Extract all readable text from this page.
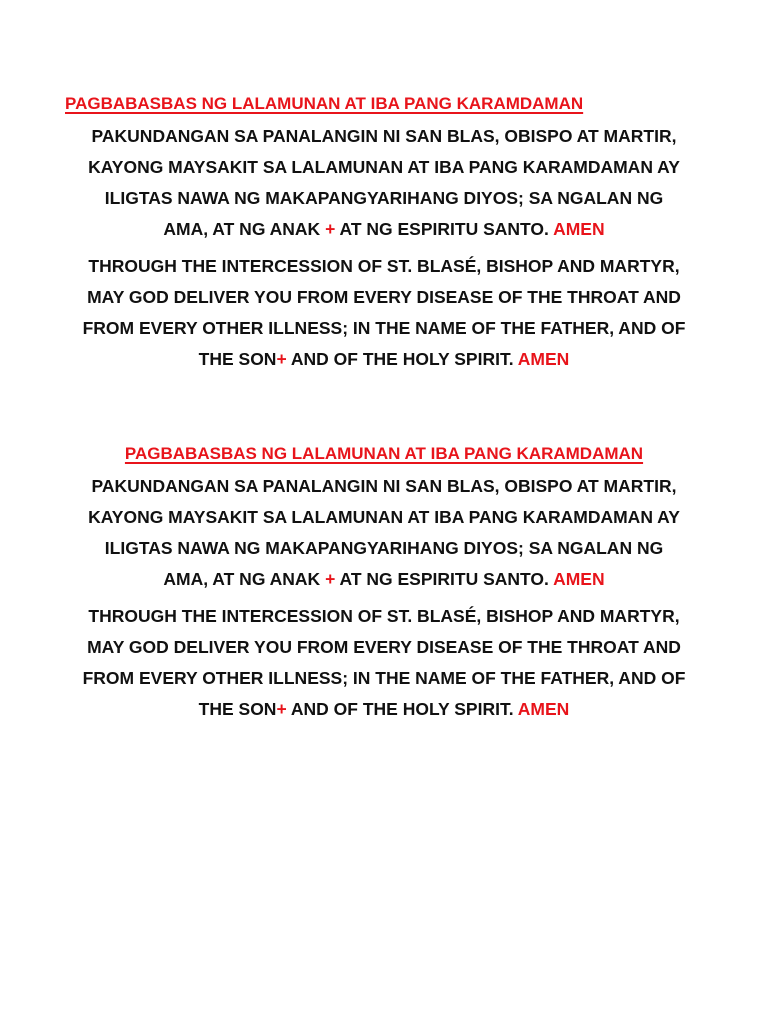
PAGBABASBAS NG LALAMUNAN AT IBA PANG KARAMDAMAN
PAKUNDANGAN SA PANALANGIN NI SAN BLAS, OBISPO AT MARTIR,
KAYONG MAYSAKIT SA LALAMUNAN AT IBA PANG KARAMDAMAN AY
ILIGTAS NAWA NG MAKAPANGYARIHANG DIYOS; SA NGALAN NG
AMA, AT NG ANAK + AT NG ESPIRITU SANTO. AMEN
THROUGH THE INTERCESSION OF ST. BLASÉ, BISHOP AND MARTYR,
MAY GOD DELIVER YOU FROM EVERY DISEASE OF THE THROAT AND
FROM EVERY OTHER ILLNESS; IN THE NAME OF THE FATHER, AND OF
THE SON+ AND OF THE HOLY SPIRIT. AMEN
PAGBABASBAS NG LALAMUNAN AT IBA PANG KARAMDAMAN
PAKUNDANGAN SA PANALANGIN NI SAN BLAS, OBISPO AT MARTIR,
KAYONG MAYSAKIT SA LALAMUNAN AT IBA PANG KARAMDAMAN AY
ILIGTAS NAWA NG MAKAPANGYARIHANG DIYOS; SA NGALAN NG
AMA, AT NG ANAK + AT NG ESPIRITU SANTO. AMEN
THROUGH THE INTERCESSION OF ST. BLASÉ, BISHOP AND MARTYR,
MAY GOD DELIVER YOU FROM EVERY DISEASE OF THE THROAT AND
FROM EVERY OTHER ILLNESS; IN THE NAME OF THE FATHER, AND OF
THE SON+ AND OF THE HOLY SPIRIT. AMEN
